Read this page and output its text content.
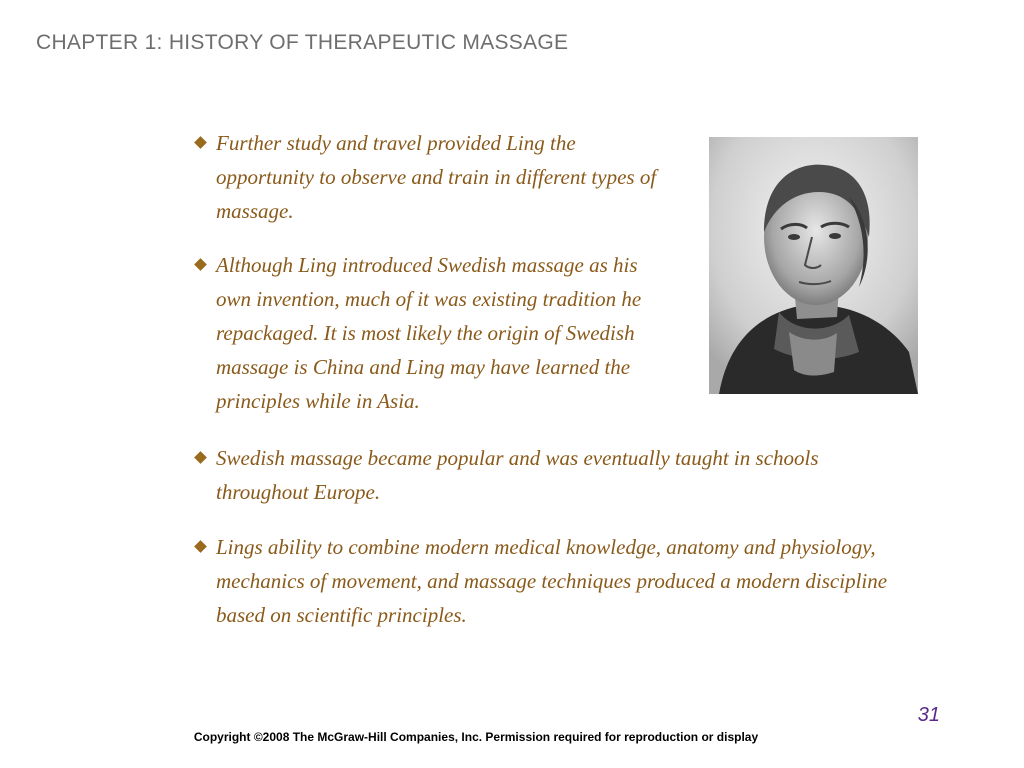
CHAPTER 1: HISTORY OF THERAPEUTIC MASSAGE
Further study and travel provided Ling the opportunity to observe and train in different types of massage.
Although Ling introduced Swedish massage as his own invention, much of it was existing tradition he repackaged. It is most likely the origin of Swedish massage is China and Ling may have learned the principles while in Asia.
Swedish massage became popular and was eventually taught in schools throughout Europe.
Lings ability to combine modern medical knowledge, anatomy and physiology, mechanics of movement, and massage techniques produced a modern discipline based on scientific principles.
31
Copyright ©2008 The McGraw-Hill Companies, Inc. Permission required for reproduction or display
